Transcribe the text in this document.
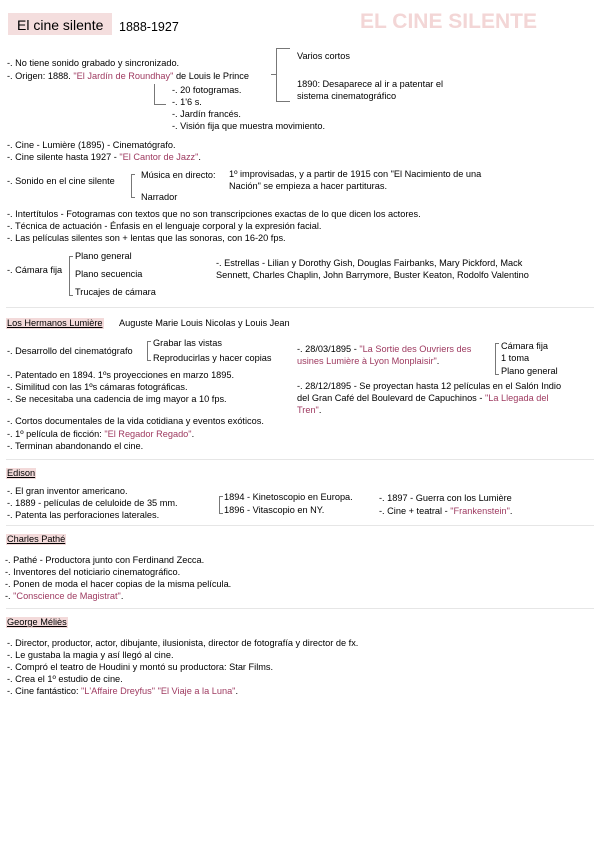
El cine silente 1888-1927	EL CINE SILENTE
-. No tiene sonido grabado y sincronizado.
-. Origen: 1888. "El Jardín de Roundhay" de Louis le Prince
Varios cortos
1890: Desaparece al ir a patentar el
sistema cinematográfico
-. 20 fotogramas.
-. 1'6 s.
-. Jardín francés.
-. Visión fija que muestra movimiento.
-. Cine - Lumière (1895) - Cinematógrafo.
-. Cine silente hasta 1927 - "El Cantor de Jazz".
-. Sonido en el cine silente
Música en directo: 1º improvisadas, y a partir de 1915 con "El Nacimiento de una
Nación" se empieza a hacer partituras.
Narrador
-. Intertítulos - Fotogramas con textos que no son transcripciones exactas de lo que dicen los actores.
-. Técnica de actuación - Énfasis en el lenguaje corporal y la expresión facial.
-. Las películas silentes son + lentas que las sonoras, con 16-20 fps.
-. Cámara fija
Plano general
Plano secuencia
Trucajes de cámara
-. Estrellas - Lilian y Dorothy Gish, Douglas Fairbanks, Mary Pickford, Mack
Sennett, Charles Chaplin, John Barrymore, Buster Keaton, Rodolfo Valentino
Los Hermanos Lumière Auguste Marie Louis Nicolas y Louis Jean
-. Desarrollo del cinematógrafo
Grabar las vistas
Reproducirlas y hacer copias
-. 28/03/1895 - "La Sortie des Ouvriers des
usines Lumière à Lyon Monplaisir".
Cámara fija
1 toma
Plano general
-. Patentado en 1894. 1ºs proyecciones en marzo 1895.
-. Similitud con las 1ºs cámaras fotográficas.
-. Se necesitaba una cadencia de img mayor a 10 fps.
-. 28/12/1895 - Se proyectan hasta 12 películas en el Salón Indio
del Gran Café del Boulevard de Capuchinos - "La Llegada del
Tren".
-. Cortos documentales de la vida cotidiana y eventos exóticos.
-. 1º película de ficción: "El Regador Regado".
-. Terminan abandonando el cine.
Edison
-. El gran inventor americano.
-. 1889 - películas de celuloide de 35 mm.
-. Patenta las perforaciones laterales.
1894 - Kinetoscopio en Europa.
1896 - Vitascopio en NY.
-. 1897 - Guerra con los Lumière
-. Cine + teatral - "Frankenstein".
Charles Pathé
-. Pathé - Productora junto con Ferdinand Zecca.
-. Inventores del noticiario cinematográfico.
-. Ponen de moda el hacer copias de la misma película.
-. "Conscience de Magistrat".
George Méliès
-. Director, productor, actor, dibujante, ilusionista, director de fotografía y director de fx.
-. Le gustaba la magia y así llegó al cine.
-. Compró el teatro de Houdini y montó su productora: Star Films.
-. Crea el 1º estudio de cine.
-. Cine fantástico: "L'Affaire Dreyfus" "El Viaje a la Luna".
